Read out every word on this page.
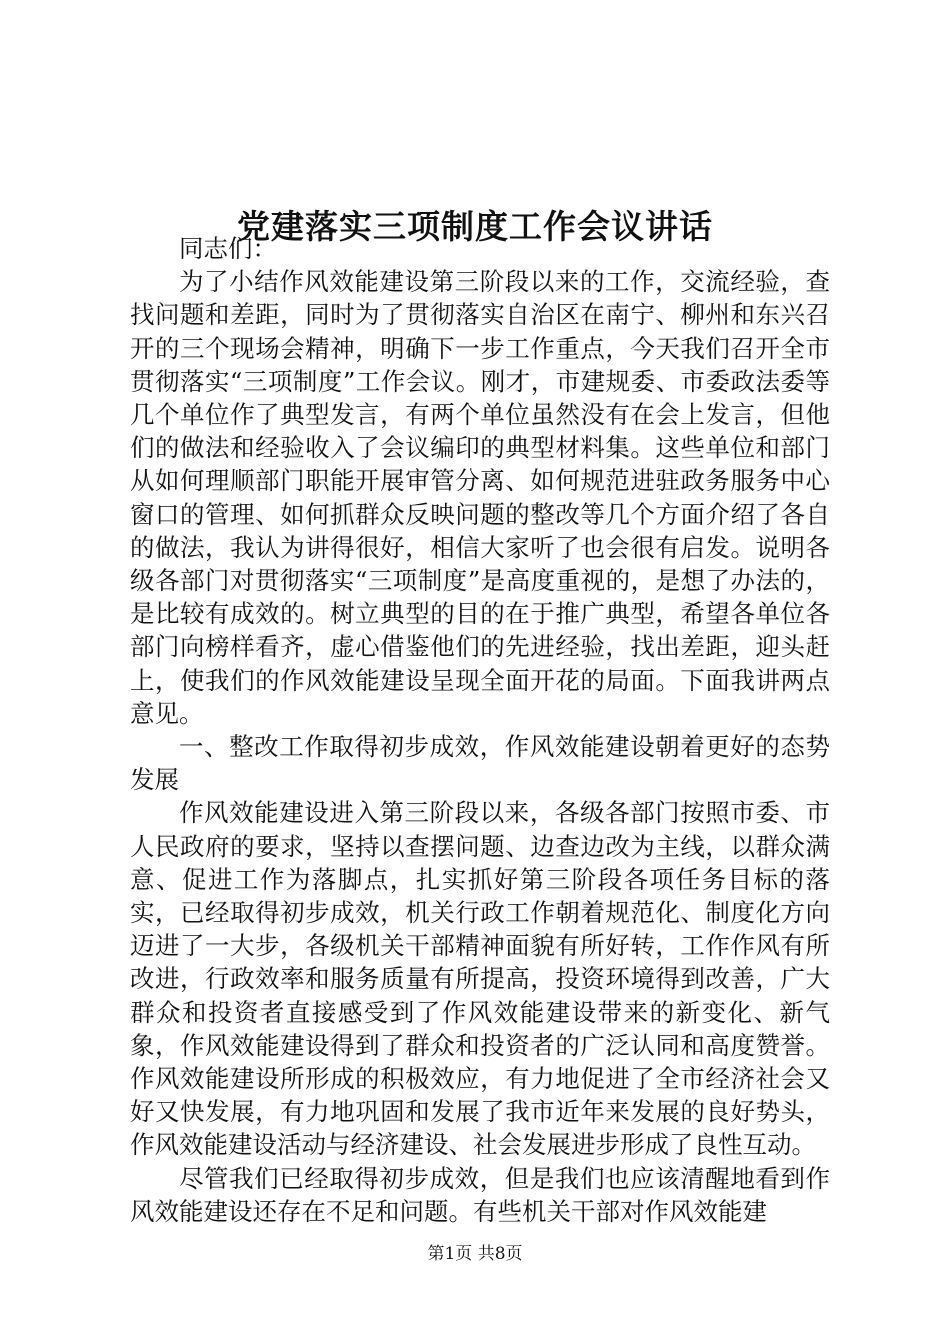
党建落实三项制度工作会议讲话

同志们：

为了小结作风效能建设第三阶段以来的工作，交流经验，查找问题和差距，同时为了贯彻落实自治区在南宁、柳州和东兴召开的三个现场会精神，明确下一步工作重点，今天我们召开全市贯彻落实“三项制度”工作会议。刚才，市建规委、市委政法委等几个单位作了典型发言，有两个单位虽然没有在会上发言，但他们的做法和经验收入了会议编印的典型材料集。这些单位和部门从如何理顺部门职能开展审管分离、如何规范进驻政务服务中心窗口的管理、如何抓群众反映问题的整改等几个方面介绍了各自的做法，我认为讲得很好，相信大家听了也会很有启发。说明各级各部门对贯彻落实“三项制度”是高度重视的，是想了办法的，是比较有成效的。树立典型的目的在于推广典型，希望各单位各部门向榜样看齐，虚心借鉴他们的先进经验，找出差距，迎头赶上，使我们的作风效能建设呈现全面开花的局面。下面我讲两点意见。

一、整改工作取得初步成效，作风效能建设朝着更好的态势发展

作风效能建设进入第三阶段以来，各级各部门按照市委、市人民政府的要求，坚持以查摆问题、边查边改为主线，以群众满意、促进工作为落脚点，扎实抓好第三阶段各项任务目标的落实，已经取得初步成效，机关行政工作朝着规范化、制度化方向迈进了一大步，各级机关干部精神面貌有所好转，工作作风有所改进，行政效率和服务质量有所提高，投资环境得到改善，广大群众和投资者直接感受到了作风效能建设带来的新变化、新气象，作风效能建设得到了群众和投资者的广泛认同和高度赞誉。作风效能建设所形成的积极效应，有力地促进了全市经济社会又好又快发展，有力地巩固和发展了我市近年来发展的良好势头，作风效能建设活动与经济建设、社会发展进步形成了良性互动。

尽管我们已经取得初步成效，但是我们也应该清醒地看到作风效能建设还存在不足和问题。有些机关干部对作风效能建

第1页 共8页
